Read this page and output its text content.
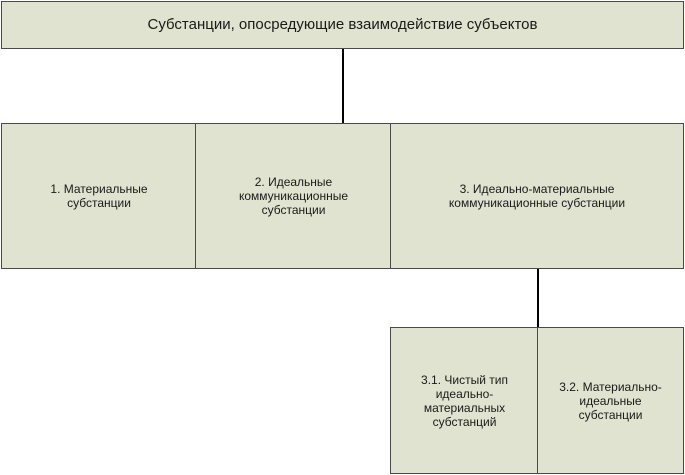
Субстанции, опосредующие взаимодействие субъектов
1. Материальные
субстанции
2. Идеальные
коммуникационные
субстанции
3. Идеально-материальные
коммуникационные субстанции
3.1. Чистый тип
идеально-
материальных
субстанций
3.2. Материально-
идеальные
субстанции
